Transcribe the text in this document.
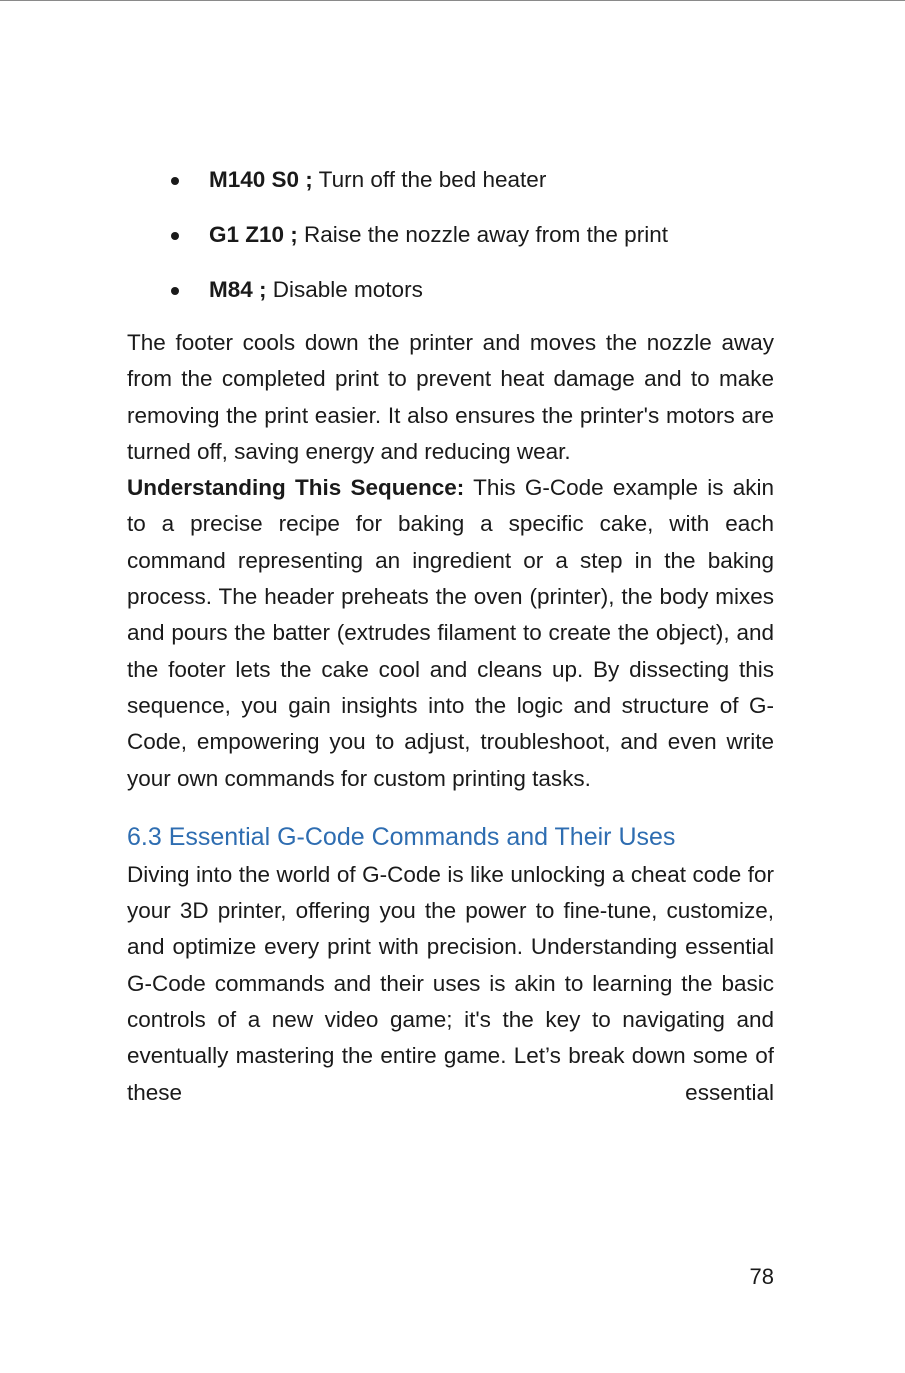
M140 S0 ; Turn off the bed heater
G1 Z10 ; Raise the nozzle away from the print
M84 ; Disable motors

The footer cools down the printer and moves the nozzle away from the completed print to prevent heat damage and to make removing the print easier. It also ensures the printer's motors are turned off, saving energy and reducing wear.

Understanding This Sequence: This G-Code example is akin to a precise recipe for baking a specific cake, with each command representing an ingredient or a step in the baking process. The header preheats the oven (printer), the body mixes and pours the batter (extrudes filament to create the object), and the footer lets the cake cool and cleans up. By dissecting this sequence, you gain insights into the logic and structure of G-Code, empowering you to adjust, troubleshoot, and even write your own commands for custom printing tasks.

6.3 Essential G-Code Commands and Their Uses

Diving into the world of G-Code is like unlocking a cheat code for your 3D printer, offering you the power to fine-tune, customize, and optimize every print with precision. Understanding essential G-Code commands and their uses is akin to learning the basic controls of a new video game; it's the key to navigating and eventually mastering the entire game. Let’s break down some of these essential

78
